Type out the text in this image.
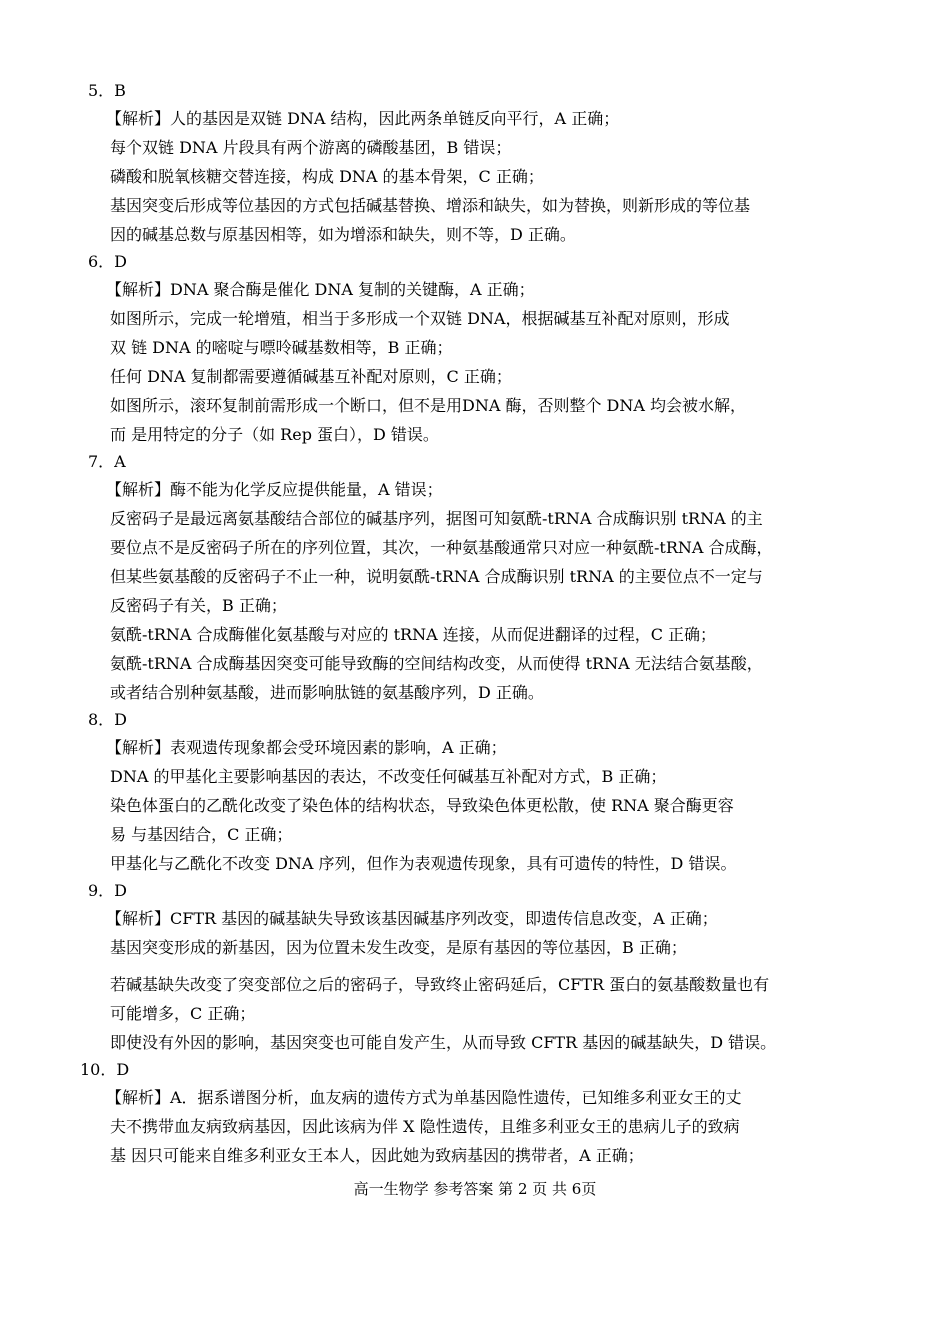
5．B
【解析】人的基因是双链 DNA 结构，因此两条单链反向平行，A 正确；
每个双链 DNA 片段具有两个游离的磷酸基团，B 错误；
磷酸和脱氧核糖交替连接，构成 DNA 的基本骨架，C 正确；
基因突变后形成等位基因的方式包括碱基替换、增添和缺失，如为替换，则新形成的等位基
因的碱基总数与原基因相等，如为增添和缺失，则不等，D 正确。
6．D
【解析】DNA 聚合酶是催化 DNA 复制的关键酶，A 正确；
如图所示，完成一轮增殖，相当于多形成一个双链 DNA，根据碱基互补配对原则，形成
双 链 DNA 的嘧啶与嘌呤碱基数相等，B 正确；
任何 DNA 复制都需要遵循碱基互补配对原则，C 正确；
如图所示，滚环复制前需形成一个断口，但不是用DNA 酶，否则整个 DNA 均会被水解，
而 是用特定的分子（如 Rep 蛋白），D 错误。
7．A
【解析】酶不能为化学反应提供能量，A 错误；
反密码子是最远离氨基酸结合部位的碱基序列，据图可知氨酰-tRNA 合成酶识别 tRNA 的主
要位点不是反密码子所在的序列位置，其次，一种氨基酸通常只对应一种氨酰-tRNA 合成酶，
但某些氨基酸的反密码子不止一种，说明氨酰-tRNA 合成酶识别 tRNA 的主要位点不一定与
反密码子有关，B 正确；
氨酰-tRNA 合成酶催化氨基酸与对应的 tRNA 连接，从而促进翻译的过程，C 正确；
氨酰-tRNA 合成酶基因突变可能导致酶的空间结构改变，从而使得 tRNA 无法结合氨基酸，
或者结合别种氨基酸，进而影响肽链的氨基酸序列，D 正确。
8．D
【解析】表观遗传现象都会受环境因素的影响，A 正确；
DNA 的甲基化主要影响基因的表达，不改变任何碱基互补配对方式，B 正确；
染色体蛋白的乙酰化改变了染色体的结构状态，导致染色体更松散，使 RNA 聚合酶更容
易 与基因结合，C 正确；
甲基化与乙酰化不改变 DNA 序列，但作为表观遗传现象，具有可遗传的特性，D 错误。
9．D
【解析】CFTR 基因的碱基缺失导致该基因碱基序列改变，即遗传信息改变，A 正确；
基因突变形成的新基因，因为位置未发生改变，是原有基因的等位基因，B 正确；
若碱基缺失改变了突变部位之后的密码子，导致终止密码延后，CFTR 蛋白的氨基酸数量也有
可能增多，C 正确；
即使没有外因的影响，基因突变也可能自发产生，从而导致 CFTR 基因的碱基缺失，D 错误。
10．D
【解析】A．据系谱图分析，血友病的遗传方式为单基因隐性遗传，已知维多利亚女王的丈
夫不携带血友病致病基因，因此该病为伴 X 隐性遗传，且维多利亚女王的患病儿子的致病
基 因只可能来自维多利亚女王本人，因此她为致病基因的携带者，A 正确；
高一生物学 参考答案 第 2 页 共 6页
